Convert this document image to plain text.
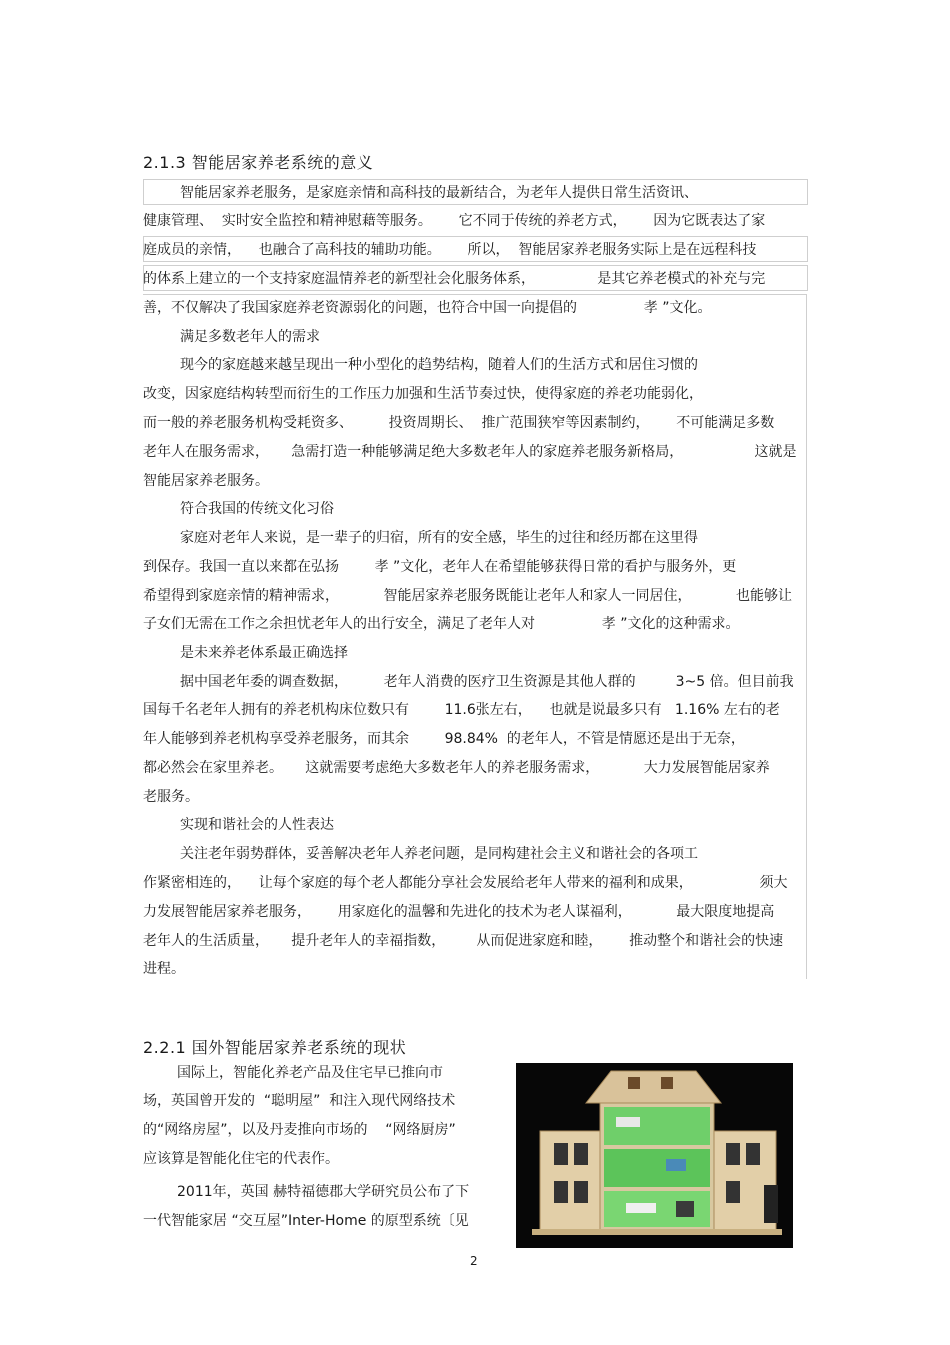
2.1.3 智能居家养老系统的意义
智能居家养老服务，是家庭亲情和高科技的最新结合，为老年人提供日常生活资讯、
健康管理、  实时安全监控和精神慰藉等服务。      它不同于传统的养老方式，      因为它既表达了家
庭成员的亲情，    也融合了高科技的辅助功能。      所以，  智能居家养老服务实际上是在远程科技
的体系上建立的一个支持家庭温情养老的新型社会化服务体系，              是其它养老模式的补充与完
善，不仅解决了我国家庭养老资源弱化的问题，也符合中国一向提倡的               孝 ”文化。
满足多数老年人的需求
现今的家庭越来越呈现出一种小型化的趋势结构，随着人们的生活方式和居住习惯的
改变，因家庭结构转型而衍生的工作压力加强和生活节奏过快，使得家庭的养老功能弱化，
而一般的养老服务机构受耗资多、        投资周期长、  推广范围狭窄等因素制约，      不可能满足多数
老年人在服务需求，     急需打造一种能够满足绝大多数老年人的家庭养老服务新格局，                这就是
智能居家养老服务。
符合我国的传统文化习俗
家庭对老年人来说，是一辈子的归宿，所有的安全感，毕生的过往和经历都在这里得
到保存。我国一直以来都在弘扬        孝 ”文化，老年人在希望能够获得日常的看护与服务外，更
希望得到家庭亲情的精神需求，          智能居家养老服务既能让老年人和家人一同居住，          也能够让
子女们无需在工作之余担忧老年人的出行安全，满足了老年人对               孝 ”文化的这种需求。
是未来养老体系最正确选择
据中国老年委的调查数据，        老年人消费的医疗卫生资源是其他人群的         3~5 倍。但目前我
国每千名老年人拥有的养老机构床位数只有        11.6张左右，    也就是说最多只有   1.16% 左右的老
年人能够到养老机构享受养老服务，而其余        98.84%  的老年人，不管是情愿还是出于无奈，
都必然会在家里养老。     这就需要考虑绝大多数老年人的养老服务需求，          大力发展智能居家养
老服务。
实现和谐社会的人性表达
关注老年弱势群体，妥善解决老年人养老问题，是同构建社会主义和谐社会的各项工
作紧密相连的，    让每个家庭的每个老人都能分享社会发展给老年人带来的福利和成果，               须大
力发展智能居家养老服务，      用家庭化的温馨和先进化的技术为老人谋福利，          最大限度地提高
老年人的生活质量，     提升老年人的幸福指数，       从而促进家庭和睦，      推动整个和谐社会的快速
进程。
2.2.1 国外智能居家养老系统的现状
国际上，智能化养老产品及住宅早已推向市
场，英国曾开发的  “聪明屋”  和注入现代网络技术
的“网络房屋”，以及丹麦推向市场的    “网络厨房”
应该算是智能化住宅的代表作。
2011年，英国 赫特福德郡大学研究员公布了下
一代智能家居 “交互屋”Inter-Home 的原型系统〔见
2
